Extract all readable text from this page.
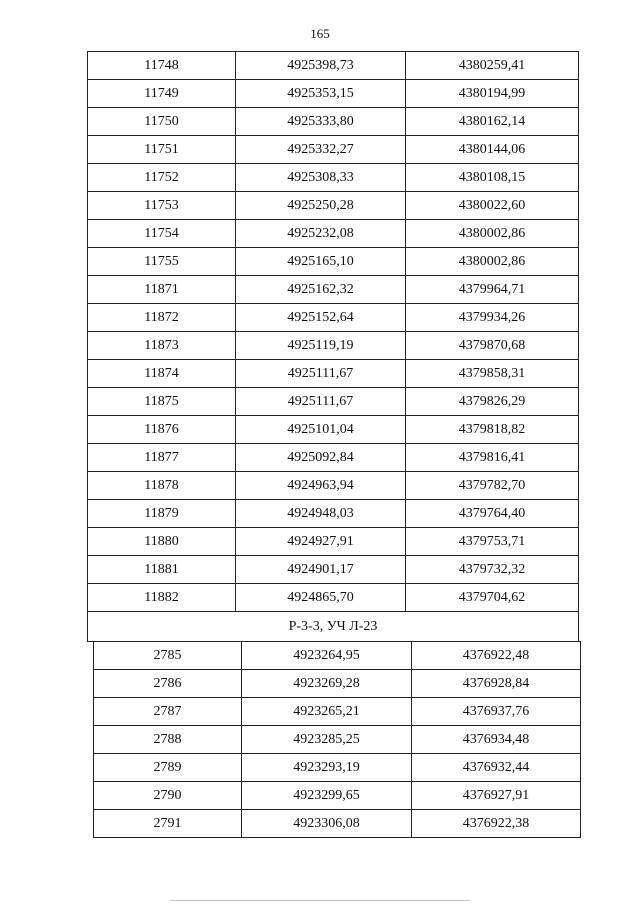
165
11748	4925398,73	4380259,41
11749	4925353,15	4380194,99
11750	4925333,80	4380162,14
11751	4925332,27	4380144,06
11752	4925308,33	4380108,15
11753	4925250,28	4380022,60
11754	4925232,08	4380002,86
11755	4925165,10	4380002,86
11871	4925162,32	4379964,71
11872	4925152,64	4379934,26
11873	4925119,19	4379870,68
11874	4925111,67	4379858,31
11875	4925111,67	4379826,29
11876	4925101,04	4379818,82
11877	4925092,84	4379816,41
11878	4924963,94	4379782,70
11879	4924948,03	4379764,40
11880	4924927,91	4379753,71
11881	4924901,17	4379732,32
11882	4924865,70	4379704,62
Р-3-3, УЧ Л-23		
2785	4923264,95	4376922,48
2786	4923269,28	4376928,84
2787	4923265,21	4376937,76
2788	4923285,25	4376934,48
2789	4923293,19	4376932,44
2790	4923299,65	4376927,91
2791	4923306,08	4376922,38
